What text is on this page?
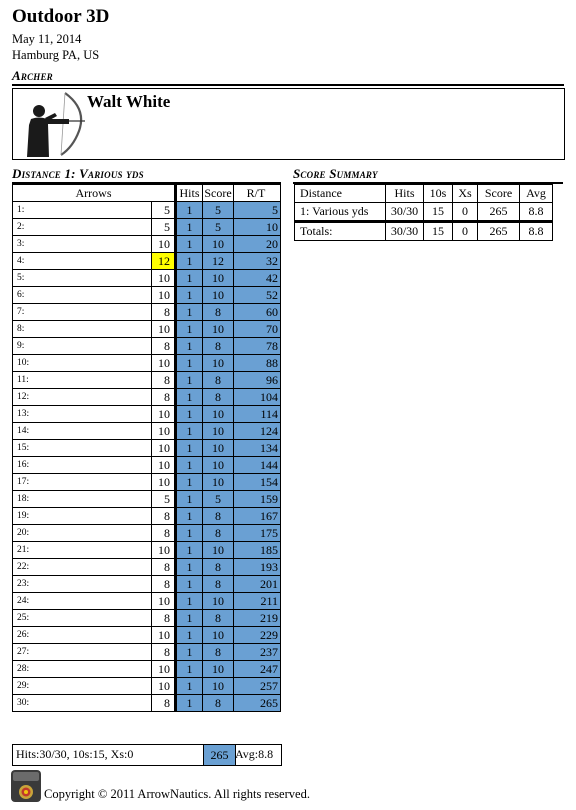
Outdoor 3D
May 11, 2014
Hamburg PA, US
Archer
Walt White
Distance 1: Various yds
Arrows		Hits	Score	R/T
1:	5	1	5	5
2:	5	1	5	10
3:	10	1	10	20
4:	12	1	12	32
5:	10	1	10	42
6:	10	1	10	52
7:	8	1	8	60
8:	10	1	10	70
9:	8	1	8	78
10:	10	1	10	88
11:	8	1	8	96
12:	8	1	8	104
13:	10	1	10	114
14:	10	1	10	124
15:	10	1	10	134
16:	10	1	10	144
17:	10	1	10	154
18:	5	1	5	159
19:	8	1	8	167
20:	8	1	8	175
21:	10	1	10	185
22:	8	1	8	193
23:	8	1	8	201
24:	10	1	10	211
25:	8	1	8	219
26:	10	1	10	229
27:	8	1	8	237
28:	10	1	10	247
29:	10	1	10	257
30:	8	1	8	265
Hits:30/30, 10s:15, Xs:0	265 Avg:8.8
Score Summary
Distance	Hits	10s	Xs	Score	Avg
1: Various yds	30/30	15	0	265	8.8
Totals:	30/30	15	0	265	8.8
Copyright © 2011 ArrowNautics. All rights reserved.
